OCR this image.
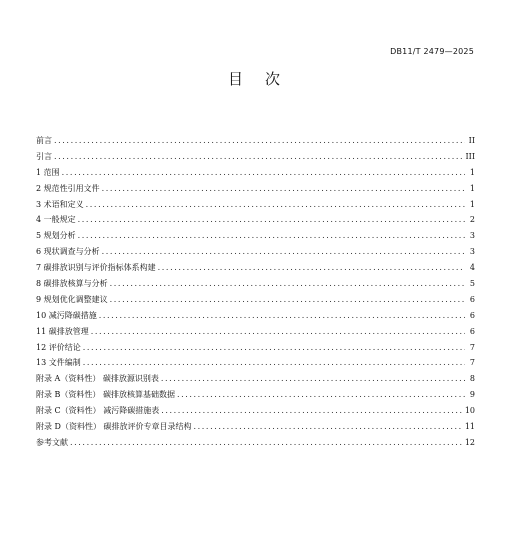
DB11/T 2479—2025
目次
前言 .....	II
引言 .....	III
1 范围 .....	1
2 规范性引用文件 .....	1
3 术语和定义 .....	1
4 一般规定 .....	2
5 规划分析 .....	3
6 现状调查与分析 .....	3
7 碳排放识别与评价指标体系构建 .....	4
8 碳排放核算与分析 .....	5
9 规划优化调整建议 .....	6
10 减污降碳措施 .....	6
11 碳排放管理 .....	6
12 评价结论 .....	7
13 文件编制 .....	7
附录 A（资料性） 碳排放源识别表 .....	8
附录 B（资料性） 碳排放核算基础数据 .....	9
附录 C（资料性） 减污降碳措施表 .....	10
附录 D（资料性） 碳排放评价专章目录结构 .....	11
参考文献 .....	12
